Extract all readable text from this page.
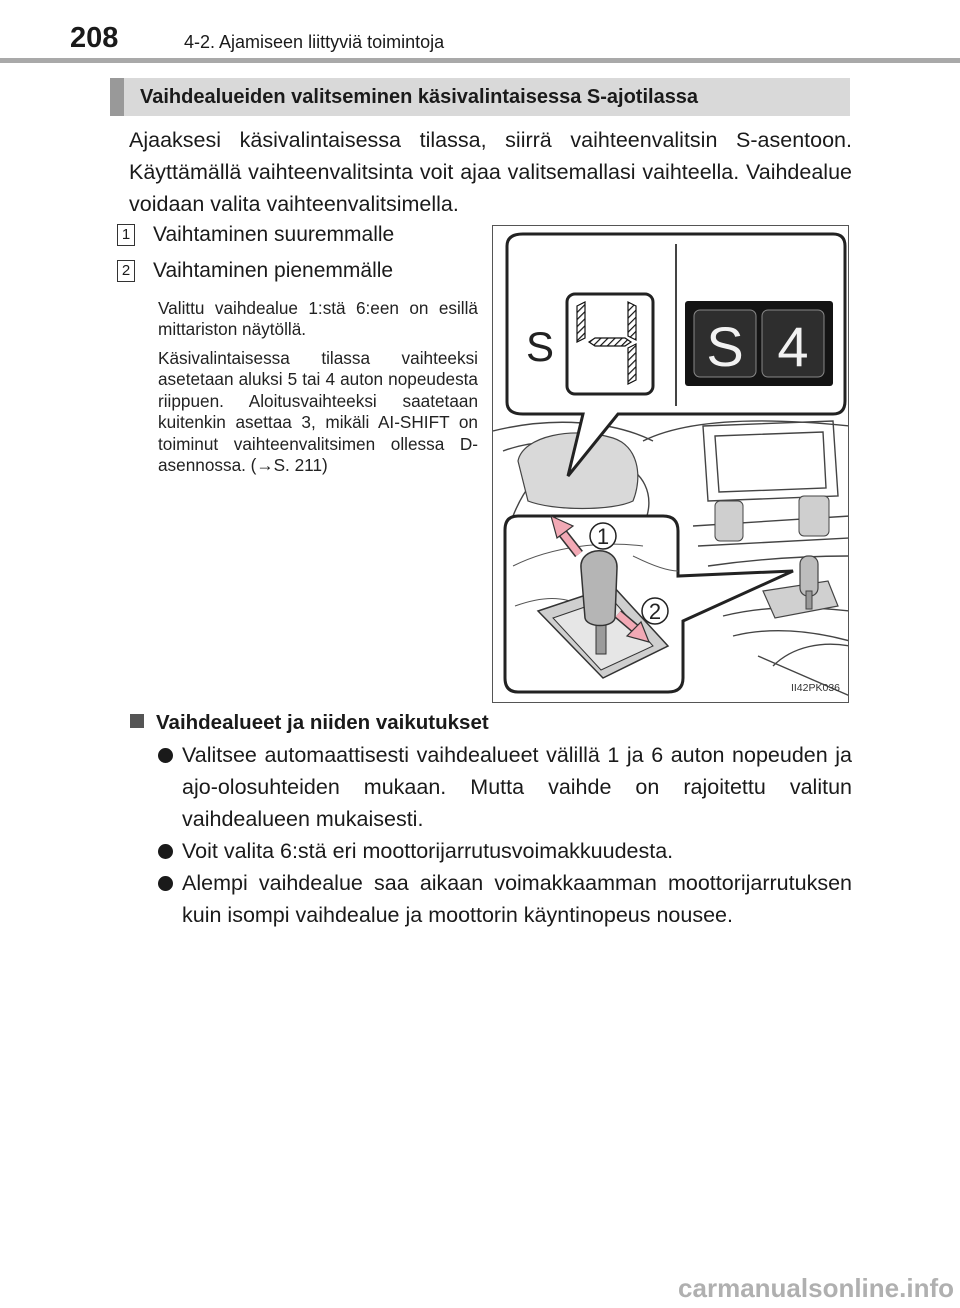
208	4-2. Ajamiseen liittyviä toimintoja
Vaihdealueiden valitseminen käsivalintaisessa S-ajotilassa
Ajaaksesi käsivalintaisessa tilassa, siirrä vaihteenvalitsin S-asentoon. Käyttämällä vaihteenvalitsinta voit ajaa valitsemallasi vaihteella. Vaihdealue voidaan valita vaihteenvalitsimella.
1 Vaihtaminen suuremmalle
2 Vaihtaminen pienemmälle
Valittu vaihdealue 1:stä 6:een on esillä mittariston näytöllä.
Käsivalintaisessa tilassa vaihteeksi asetetaan aluksi 5 tai 4 auton nopeudesta riippuen. Aloitusvaihteeksi saatetaan kuitenkin asettaa 3, mikäli AI-SHIFT on toiminut vaihteenvalitsimen ollessa D-asennossa. (→S. 211)
S	S 4
1
2
II42PK036
Vaihdealueet ja niiden vaikutukset
Valitsee automaattisesti vaihdealueet välillä 1 ja 6 auton nopeuden ja ajo-olosuhteiden mukaan. Mutta vaihde on rajoitettu valitun vaihdealueen mukaisesti.
Voit valita 6:stä eri moottorijarrutusvoimakkuudesta.
Alempi vaihdealue saa aikaan voimakkaamman moottorijarrutuksen kuin isompi vaihdealue ja moottorin käyntinopeus nousee.
carmanualsonline.info
